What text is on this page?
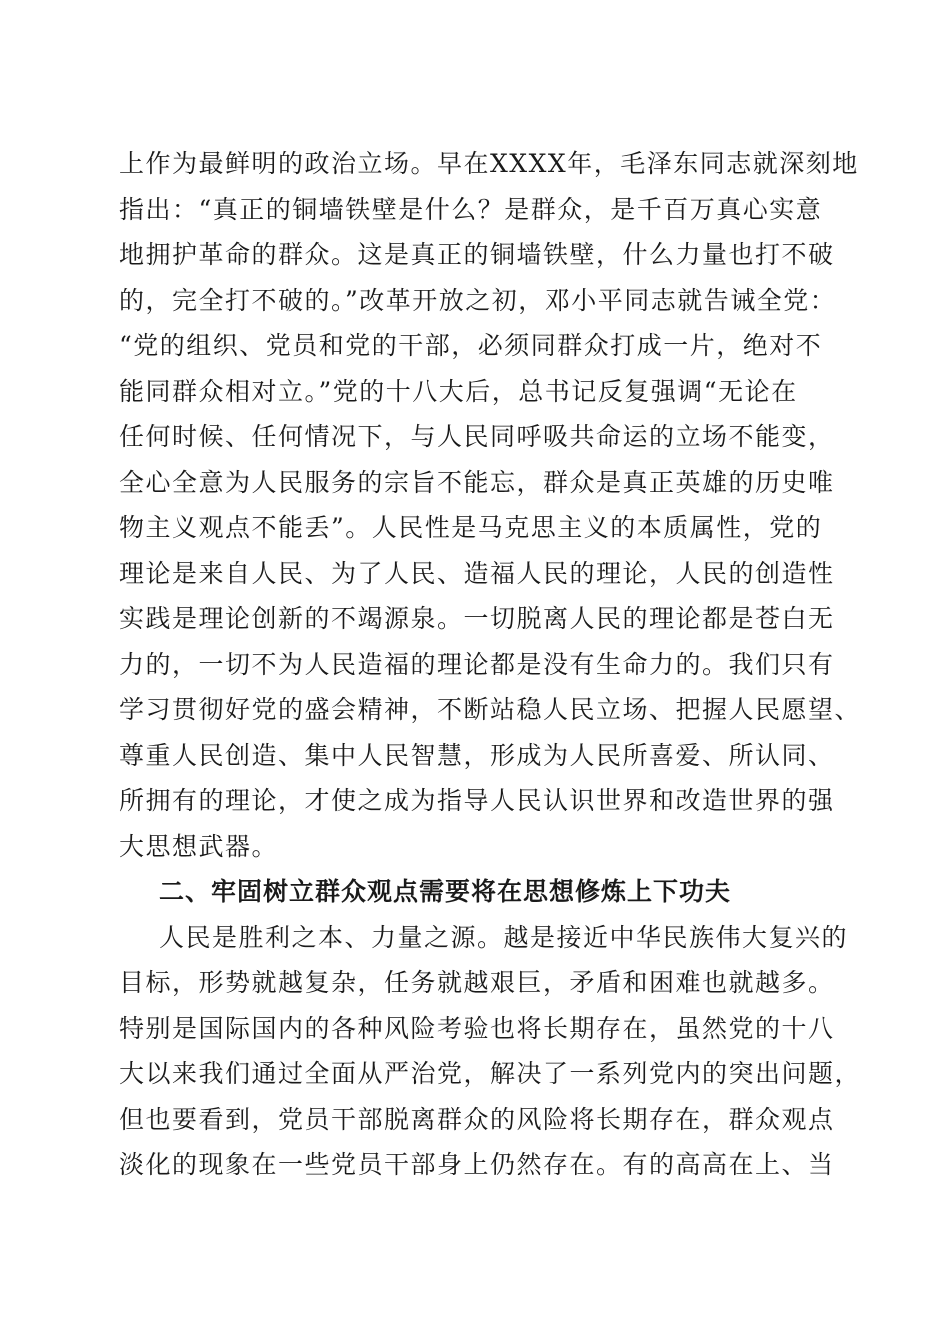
上作为最鲜明的政治立场。早在XXXX年，毛泽东同志就深刻地
指出：“真正的铜墙铁壁是什么？是群众，是千百万真心实意
地拥护革命的群众。这是真正的铜墙铁壁，什么力量也打不破
的，完全打不破的。”改革开放之初，邓小平同志就告诫全党：
“党的组织、党员和党的干部，必须同群众打成一片，绝对不
能同群众相对立。”党的十八大后，总书记反复强调“无论在
任何时候、任何情况下，与人民同呼吸共命运的立场不能变，
全心全意为人民服务的宗旨不能忘，群众是真正英雄的历史唯
物主义观点不能丢”。人民性是马克思主义的本质属性，党的
理论是来自人民、为了人民、造福人民的理论，人民的创造性
实践是理论创新的不竭源泉。一切脱离人民的理论都是苍白无
力的，一切不为人民造福的理论都是没有生命力的。我们只有
学习贯彻好党的盛会精神，不断站稳人民立场、把握人民愿望、
尊重人民创造、集中人民智慧，形成为人民所喜爱、所认同、
所拥有的理论，才使之成为指导人民认识世界和改造世界的强
大思想武器。
二、牢固树立群众观点需要将在思想修炼上下功夫
人民是胜利之本、力量之源。越是接近中华民族伟大复兴的
目标，形势就越复杂，任务就越艰巨，矛盾和困难也就越多。
特别是国际国内的各种风险考验也将长期存在，虽然党的十八
大以来我们通过全面从严治党，解决了一系列党内的突出问题，
但也要看到，党员干部脱离群众的风险将长期存在，群众观点
淡化的现象在一些党员干部身上仍然存在。有的高高在上、当
